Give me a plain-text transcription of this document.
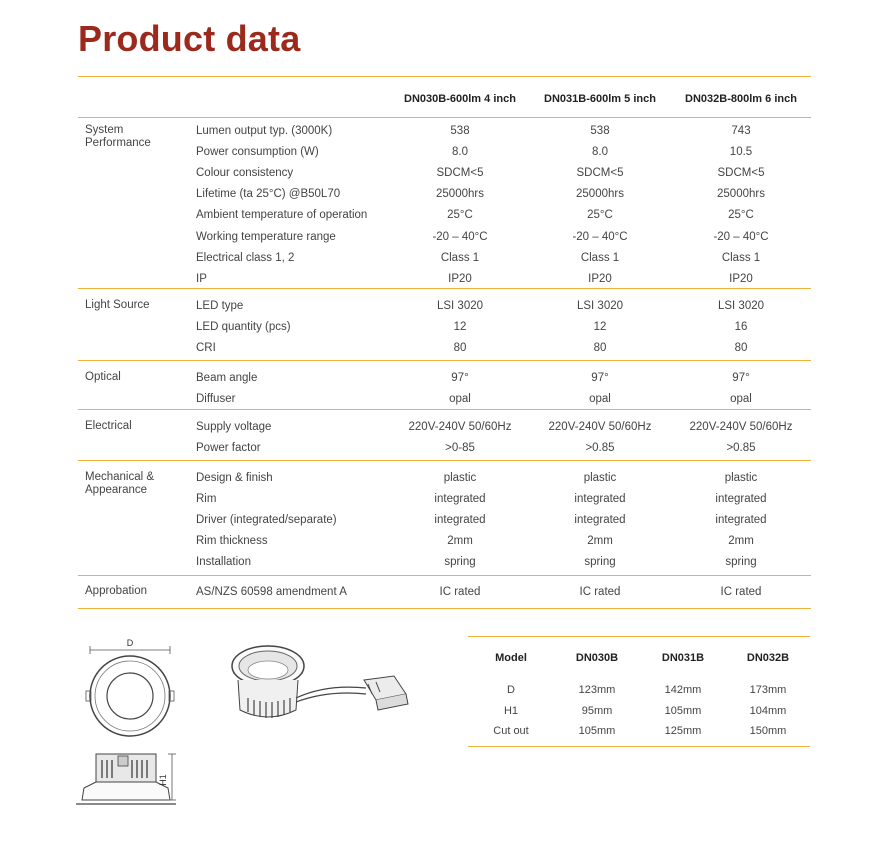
Product data
DN030B-600lm 4 inch	DN031B-600lm 5 inch	DN032B-800lm 6 inch
System
Performance
Lumen output typ. (3000K)	538	538	743
Power consumption (W)	8.0	8.0	10.5
Colour consistency	SDCM<5	SDCM<5	SDCM<5
Lifetime (ta 25°C) @B50L70	25000hrs	25000hrs	25000hrs
Ambient temperature of operation	25°C	25°C	25°C
Working temperature range	-20 – 40°C	-20 – 40°C	-20 – 40°C
Electrical class 1, 2	Class 1	Class 1	Class 1
IP	IP20	IP20	IP20
Light Source	LED type	LSI 3020	LSI 3020	LSI 3020
LED quantity (pcs)	12	12	16
CRI	80	80	80
Optical	Beam angle	97°	97°	97°
Diffuser	opal	opal	opal
Electrical	Supply voltage	220V-240V 50/60Hz	220V-240V 50/60Hz	220V-240V 50/60Hz
Power factor	>0-85	>0.85	>0.85
Mechanical &
Appearance
Design & finish	plastic	plastic	plastic
Rim	integrated	integrated	integrated
Driver (integrated/separate)	integrated	integrated	integrated
Rim thickness	2mm	2mm	2mm
Installation	spring	spring	spring
Approbation	AS/NZS 60598 amendment A	IC rated	IC rated	IC rated
Model	DN030B	DN031B	DN032B
D	123mm	142mm	173mm
H1	95mm	105mm	104mm
Cut out	105mm	125mm	150mm
D
H1
